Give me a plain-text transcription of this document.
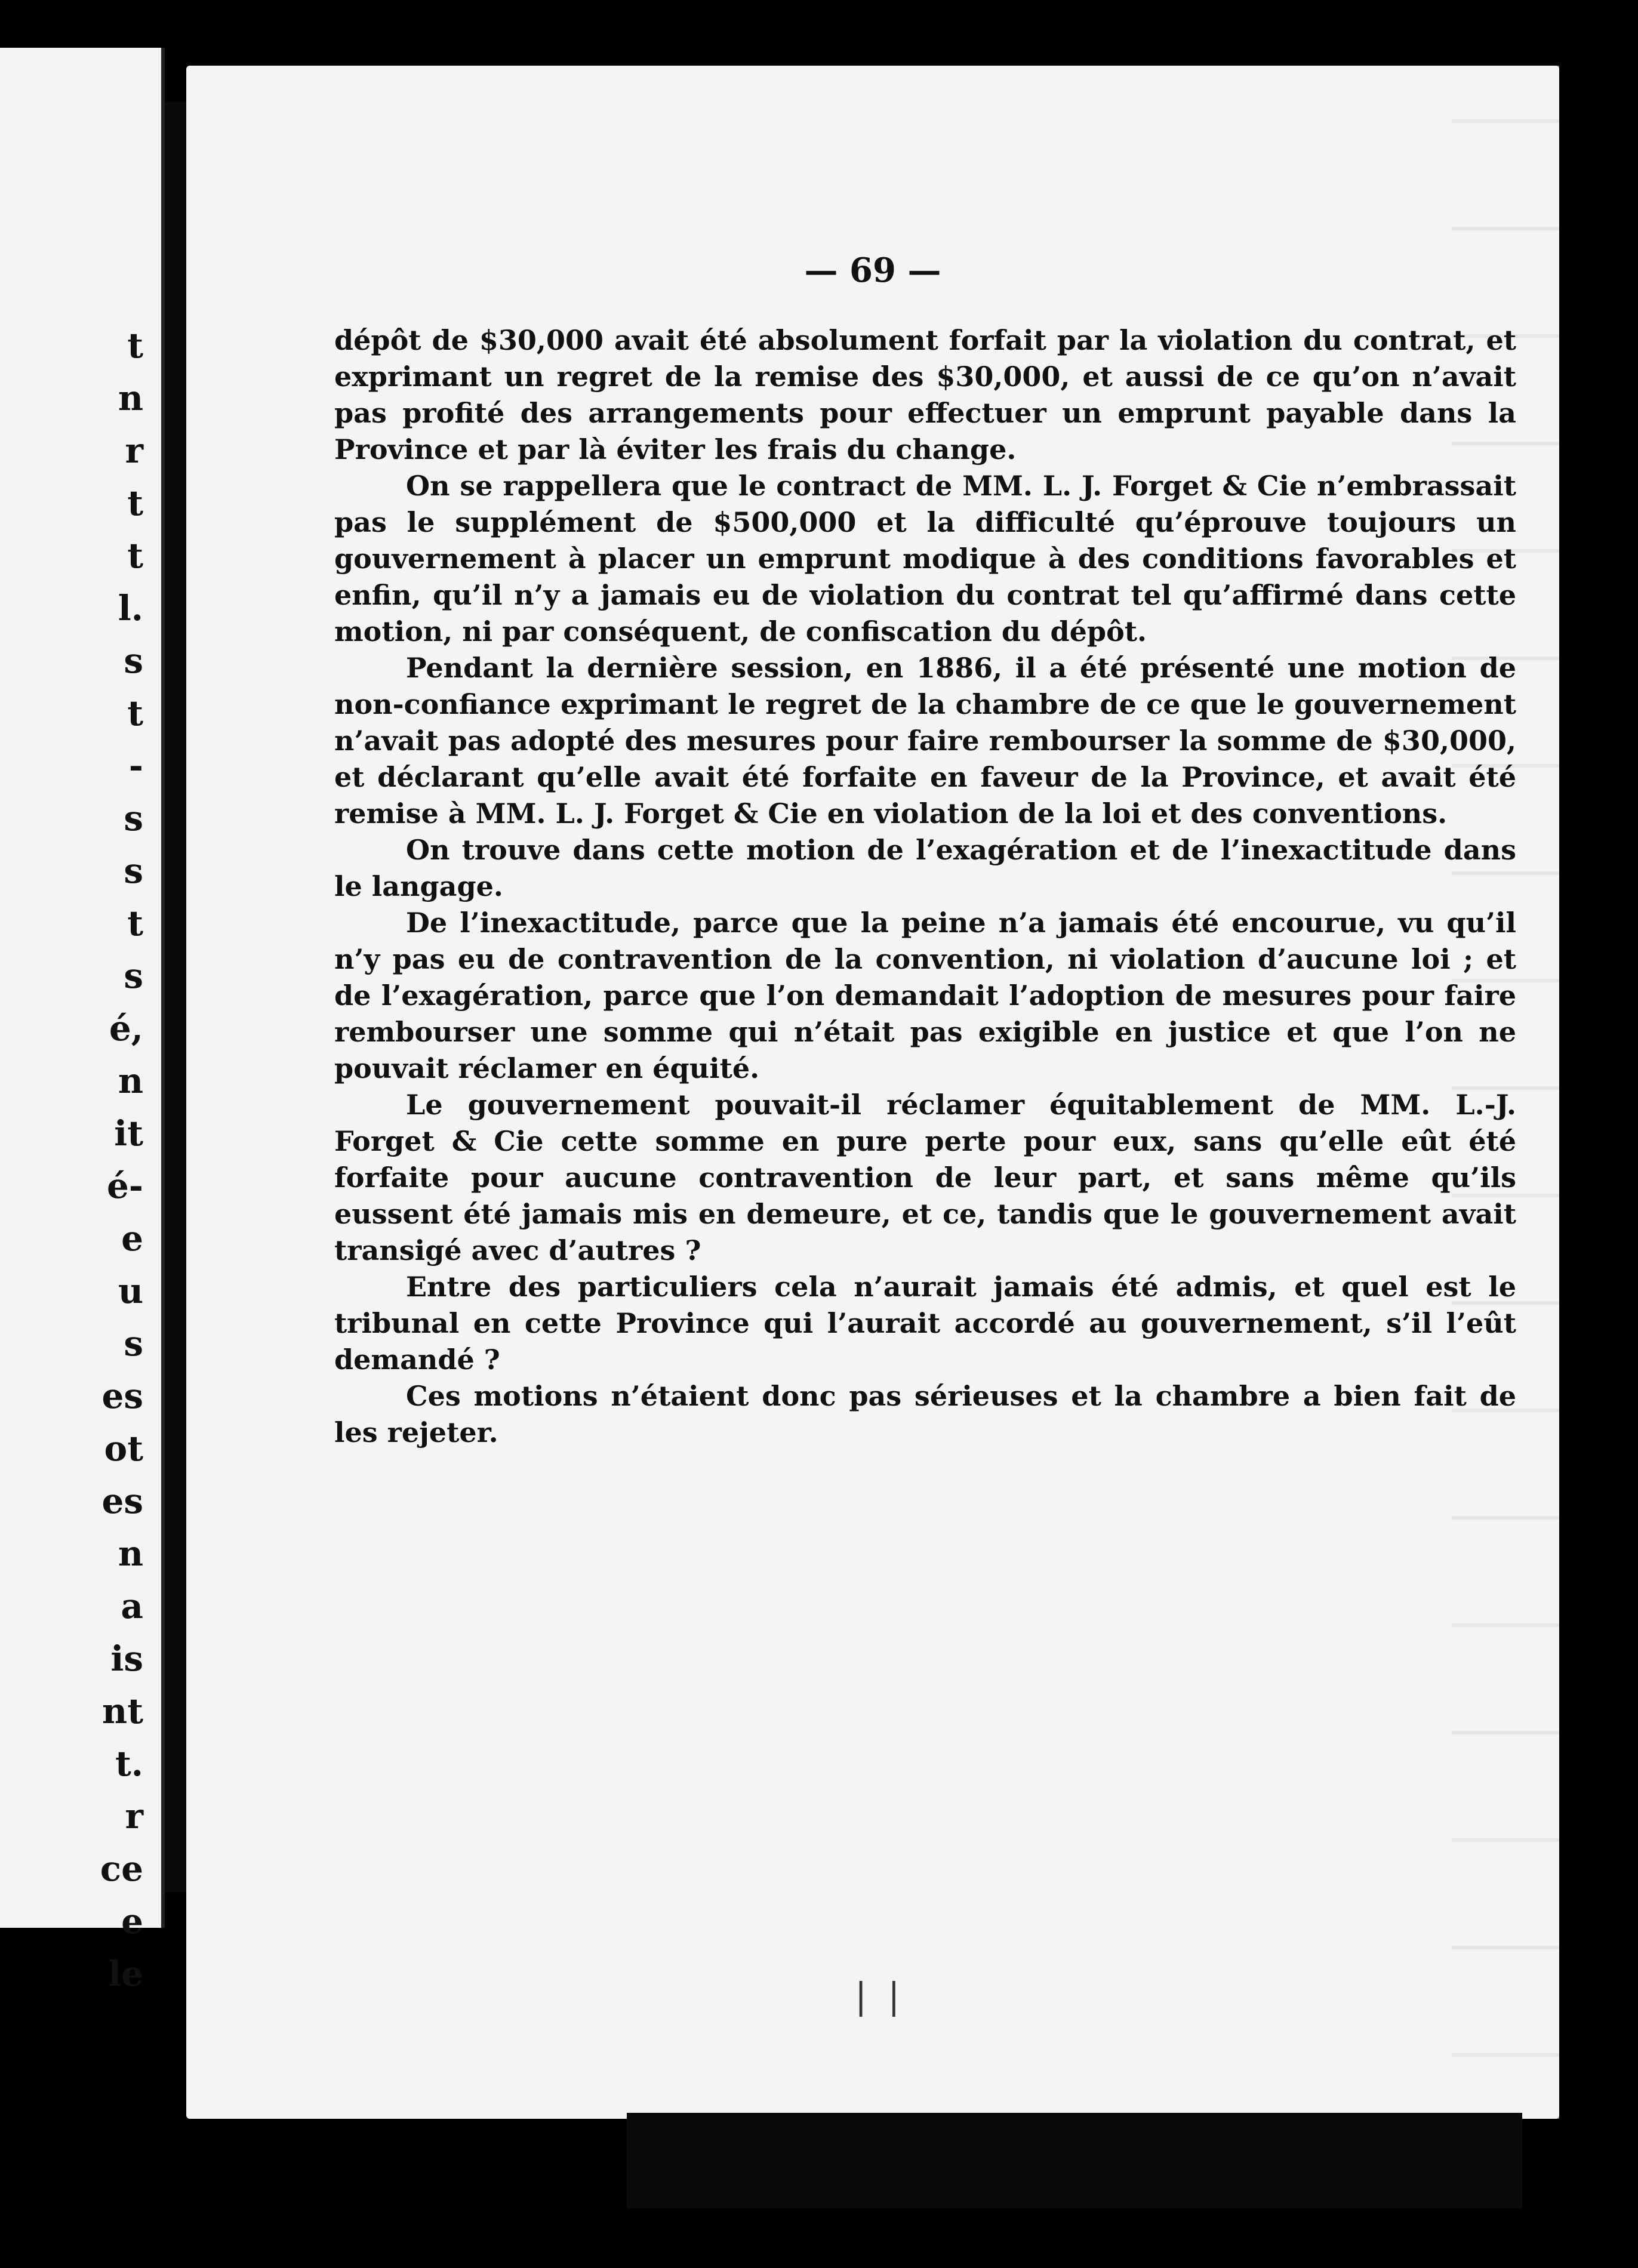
t
n
r
t
t
l.
s
t
-
s
s
t
s
é,
n
it
é-
e
u
s
es
ot
es
n
a
is
nt
t.
r
ce
e
le
— 69 —

dépôt de $30,000 avait été absolument forfait par la violation du contrat, et exprimant un regret de la remise des $30,000, et aussi de ce qu’on n’avait pas profité des arrangements pour effectuer un emprunt payable dans la Province et par là éviter les frais du change.

On se rappellera que le contract de MM. L. J. Forget & Cie n’embrassait pas le supplément de $500,000 et la difficulté qu’éprouve toujours un gouvernement à placer un emprunt modique à des conditions favorables et enfin, qu’il n’y a jamais eu de violation du contrat tel qu’affirmé dans cette motion, ni par conséquent, de confiscation du dépôt.

Pendant la dernière session, en 1886, il a été présenté une motion de non-confiance exprimant le regret de la chambre de ce que le gouvernement n’avait pas adopté des mesures pour faire rembourser la somme de $30,000, et déclarant qu’elle avait été forfaite en faveur de la Province, et avait été remise à MM. L. J. Forget & Cie en violation de la loi et des conventions.

On trouve dans cette motion de l’exagération et de l’inexactitude dans le langage.

De l’inexactitude, parce que la peine n’a jamais été encourue, vu qu’il n’y pas eu de contravention de la convention, ni violation d’aucune loi ; et de l’exagération, parce que l’on demandait l’adoption de mesures pour faire rembourser une somme qui n’était pas exigible en justice et que l’on ne pouvait réclamer en équité.

Le gouvernement pouvait-il réclamer équitablement de MM. L.-J. Forget & Cie cette somme en pure perte pour eux, sans qu’elle eût été forfaite pour aucune contravention de leur part, et sans même qu’ils eussent été jamais mis en demeure, et ce, tandis que le gouvernement avait transigé avec d’autres ?

Entre des particuliers cela n’aurait jamais été admis, et quel est le tribunal en cette Province qui l’aurait accordé au gouvernement, s’il l’eût demandé ?

Ces motions n’étaient donc pas sérieuses et la chambre a bien fait de les rejeter.

| |
